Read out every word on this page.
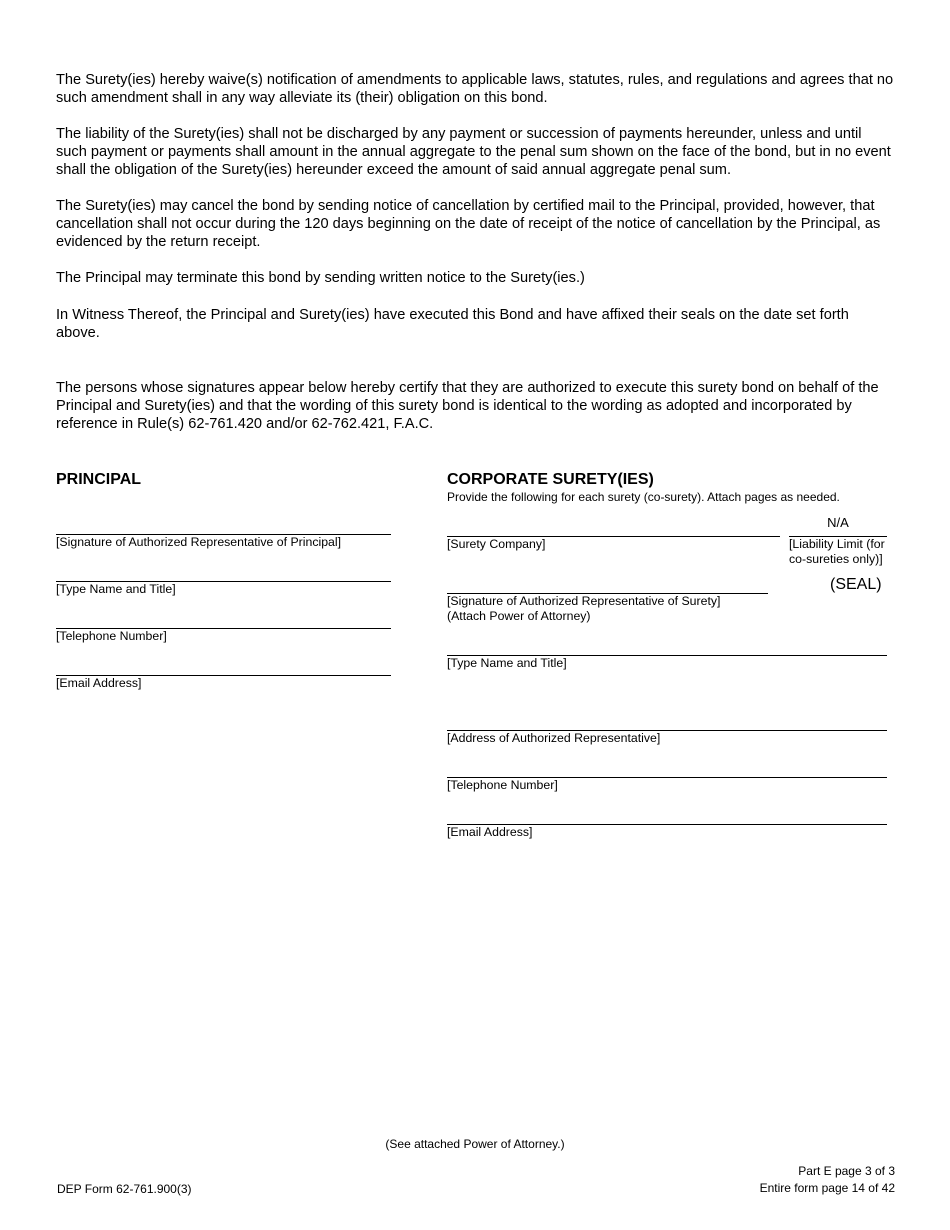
The Surety(ies) hereby waive(s) notification of amendments to applicable laws, statutes, rules, and regulations and agrees that no such amendment shall in any way alleviate its (their) obligation on this bond.

The liability of the Surety(ies) shall not be discharged by any payment or succession of payments hereunder, unless and until such payment or payments shall amount in the annual aggregate to the penal sum shown on the face of the bond, but in no event shall the obligation of the Surety(ies) hereunder exceed the amount of said annual aggregate penal sum.

The Surety(ies) may cancel the bond by sending notice of cancellation by certified mail to the Principal, provided, however, that cancellation shall not occur during the 120 days beginning on the date of receipt of the notice of cancellation by the Principal, as evidenced by the return receipt.

The Principal may terminate this bond by sending written notice to the Surety(ies.)

In Witness Thereof, the Principal and Surety(ies) have executed this Bond and have affixed their seals on the date set forth above.

The persons whose signatures appear below hereby certify that they are authorized to execute this surety bond on behalf of the Principal and Surety(ies) and that the wording of this surety bond is identical to the wording as adopted and incorporated by reference in Rule(s) 62-761.420 and/or 62-762.421, F.A.C.

PRINCIPAL
[Signature of Authorized Representative of Principal]
[Type Name and Title]
[Telephone Number]
[Email Address]
CORPORATE SURETY(IES)
Provide the following for each surety (co-surety). Attach pages as needed.
N/A
[Surety Company]	[Liability Limit (for
co-sureties only)]
(SEAL)
[Signature of Authorized Representative of Surety]
(Attach Power of Attorney)
[Type Name and Title]
[Address of Authorized Representative]
[Telephone Number]
[Email Address]
(See attached Power of Attorney.)
DEP Form 62-761.900(3)
Part E page 3 of 3
Entire form page 14 of 42
